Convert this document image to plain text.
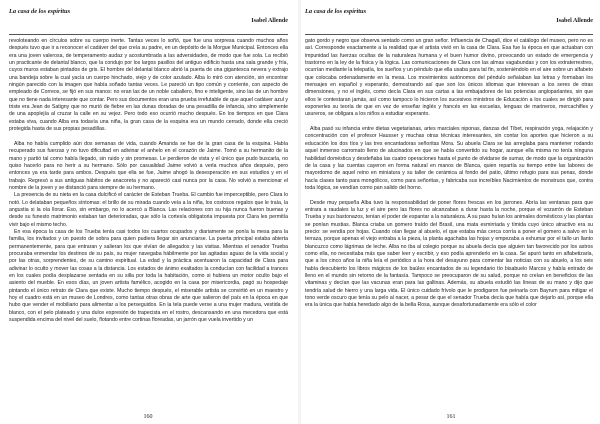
La casa de los espíritus
Isabel Allende

revoloteando en círculos sobre su cuerpo inerte. Tantas veces lo soñó, que fue una sorpresa cuando muchos años después tuvo que ir a reconocer el cadáver del que creía su padre, en un depósito de la Morgue Municipal. Entonces ella era una joven valerosa, de temperamento audaz y acostumbrada a las adversidades, de modo que fue sola. La recibió un practicante de delantal blanco, que la condujo por los largos pasillos del antiguo edificio hasta una sala grande y fría, cuyos muros estaban pintados de gris. El hombre del delantal blanco abrió la puerta de una gigantesca nevera y extrajo una bandeja sobre la cual yacía un cuerpo hinchado, viejo y de color azulado. Alba lo miró con atención, sin encontrar ningún parecido con la imagen que había soñado tantas veces. Le pareció un tipo común y corriente, con aspecto de empleado de Correos, se fijó en sus manos: no eran las de un noble caballero, fino e inteligente, sino las de un hombre que no tiene nada interesante que contar. Pero sus documentos eran una prueba irrefutable de que aquel cadáver azul y triste era Jean de Satigny que no murió de fiebre en las dunas doradas de una pesadilla de infancia, sino simplemente de una apoplejía al cruzar la calle en su vejez. Pero todo eso ocurrió mucho después. En los tiempos en que Clara estaba viva, cuando Alba era todavía una niña, la gran casa de la esquina era un mundo cerrado, donde ella creció protegida hasta de sus propias pesadillas.

Alba no había cumplido aún dos semanas de vida, cuando Amanda se fue de la gran casa de la esquina. Había recuperado sus fuerzas y no tuvo dificultad en adivinar el anhelo en el corazón de Jaime. Tomó a su hermanito de la mano y partió tal como había llegado, sin ruido y sin promesas. Le perdieron de vista y el único que pudo buscarla, no quiso hacerlo para no herir a su hermano. Sólo por casualidad Jaime volvió a verla muchos años después, pero entonces ya era tarde para ambos. Después que ella se fue, Jaime ahogó la desesperación en sus estudios y en el trabajo. Regresó a sus antiguas hábitos de anacoreta y no apareció casi nunca por la casa. No volvió a mencionar el nombre de la joven y se distanció para siempre de su hermano.

La presencia de su nieta en la casa dulcificó el carácter de Esteban Trueba. El cambio fue imperceptible, pero Clara lo notó. Lo delataban pequeños síntomas: el brillo de su mirada cuando veía a la niña, los costosos regalos que le traía, la angustia si la oía llorar. Eso, sin embargo, no lo acercó a Blanca. Las relaciones con su hija nunca fueron buenas y desde su funesto matrimonio estaban tan deterioradas, que sólo la cortesía obligatoria impuesta por Clara les permitía vivir bajo el mismo techo.

En esa época la casa de los Trueba tenía casi todos los cuartos ocupados y diariamente se ponía la mesa para la familia, los invitados y un puesto de sobra para quien pudiera llegar sin anunciarse. La puerta principal estaba abierta permanentemente, para que entraran y salieran los que vivían de allegados y las visitas. Mientras el senador Trueba procuraba enmendar los destinos de su país, su mujer navegaba hábilmente por las agitadas aguas de la vida social y por las otras, sorprendentes, de su camino espiritual. La edad y la práctica acentuaron la capacidad de Clara para adivinar lo oculto y mover las cosas a la distancia. Los estados de ánimo exaltados la conducían con facilidad a trances en los cuales podía desplazarse sentada en su silla por toda la habitación, como si hubiera un motor oculto bajo el asiento del mueble. En esos días, un joven artista famélico, acogido en la casa por misericordia, pagó su hospedaje pintando el único retrato de Clara que existe. Mucho tiempo después, el miserable artista se convirtió en un maestro y hoy el cuadro está en un museo de Londres, como tantas otras obras de arte que salieron del país en la época en que hubo que vender el mobiliario para alimentar a los perseguidos. En la tela puede verse a una mujer madura, vestida de blanco, con el pelo plateado y una dulce expresión de trapecista en el rostro, descansando en una mecedora que está suspendida encima del nivel del suelo, flotando entre cortinas floreadas, un jarrón que vuela invertido y un

160
La casa de los espíritus
Isabel Allende

gato gordo y negro que observa sentado como un gran señor. Influencia de Chagall, dice el catálogo del museo, pero no es así. Corresponde exactamente a la realidad que el artista vivió en la casa de Clara. Esa fue la época en que actuaban con impunidad las fuerzas ocultas de la naturaleza humana y el buen humor divino, provocando un estado de emergencia y trastorno en la ley de la física y la lógica. Las comunicaciones de Clara con las almas vagabundas y con los extraterrestres, ocurrían mediante la telepatía, los sueños y un péndulo que ella usaba para tal fin, sosteniéndolo en el aire sobre un alfabeto que colocaba ordenadamente en la mesa. Los movimientos autónomos del péndulo señalaban las letras y formaban los mensajes en español y esperanto, demostrando así que son los únicos idiomas que interesan a los seres de otras dimensiones, y no el inglés, como decía Clara en sus cartas a las embajadores de las potencias angloparlantes, sin que ellos le contestaran jamás, así como tampoco lo hicieron los sucesivos ministros de Educación a los cuales se dirigió para exponerles su teoría de que en vez de enseñar inglés y francés en las escuelas, lenguas de marineros, mercachifles y usureros, se obligara a los niños a estudiar esperanto.

Alba pasó su infancia entre dietas vegetarianas, artes marciales niponas, danzas del Tíbet, respiración yoga, relajación y concentración con el profesor Hausser y muchas otras técnicas interesantes, sin contar los aportes que hicieron a su educación los dos tíos y las tres encantadoras señoritas Mora. Su abuela Clara se las arreglaba para mantener rodando aquel inmenso carromato lleno de alucinados en que se había convertido su hogar, aunque ella misma no tenía ninguna habilidad doméstica y desdeñaba las cuatro operaciones hasta el punto de olvidarse de sumar, de modo que la organización de la casa y las cuentas cayeron en forma natural en manos de Blanca, quien repartía su tiempo entre las labores de mayordomo de aquel reino en miniatura y su taller de cerámica al fondo del patio, último refugio para sus penas, donde hacía clases tanto para mongólicos, como para señoritas, y fabricaba sus increíbles Nacimientos de monstruos que, contra toda lógica, se vendían como pan salido del horno.

Desde muy pequeña Alba tuvo la responsabilidad de poner flores frescas en los jarrones. Abría las ventanas para que entrara a raudales la luz y el aire pero las flores no alcanzaban a durar hasta la noche, porque el vozarrón de Esteban Trueba y sus bastonazos, tenían el poder de espantar a la naturaleza. A su paso huían los animales domésticos y las plantas se ponían mustias. Blanca criaba un gomero traído del Brasil, una mata esmirriada y tímida cuyo único atractivo era su precio: se vendía por hojas. Cuando oían llegar al abuelo, el que estaba más cerca corría a poner el gomero a salvo en la terraza, porque apenas el viejo entraba a la pieza, la planta agachaba las hojas y empezaba a exhumar por el tallo un llanto blancuzco como lágrimas de leche. Alba no iba al colegio porque su abuela decía que alguien tan favorecido por los astros como ella, no necesitaba más que saber leer y escribir, y eso podía aprenderlo en la casa. Se apuró tanto en alfabetizarla, que a los cinco años la niña leía el periódico a la hora del desayuno para comentar las noticias con su abuelo, a los seis había descubierto los libros mágicos de los baúles encantados de su legendario tío bisabuelo Marcos y había entrado de lleno en el mundo sin retorno de la fantasía. Tampoco se preocuparon de su salud, porque no creían en beneficios de las vitaminas y decían que las vacunas eran para las gallinas. Además, su abuela estudió las líneas de su mano y dijo que tendría salud de hierro y una larga vida. El único cuidado frívolo que le prodigaron fue peinarla con Bayrum para mitigar el tono verde oscuro que tenía su pelo al nacer, a pesar de que el senador Trueba decía que había que dejarlo así, porque ella era la única que había heredado algo de la bella Rosa, aunque desafortunadamente era sólo el color

161
